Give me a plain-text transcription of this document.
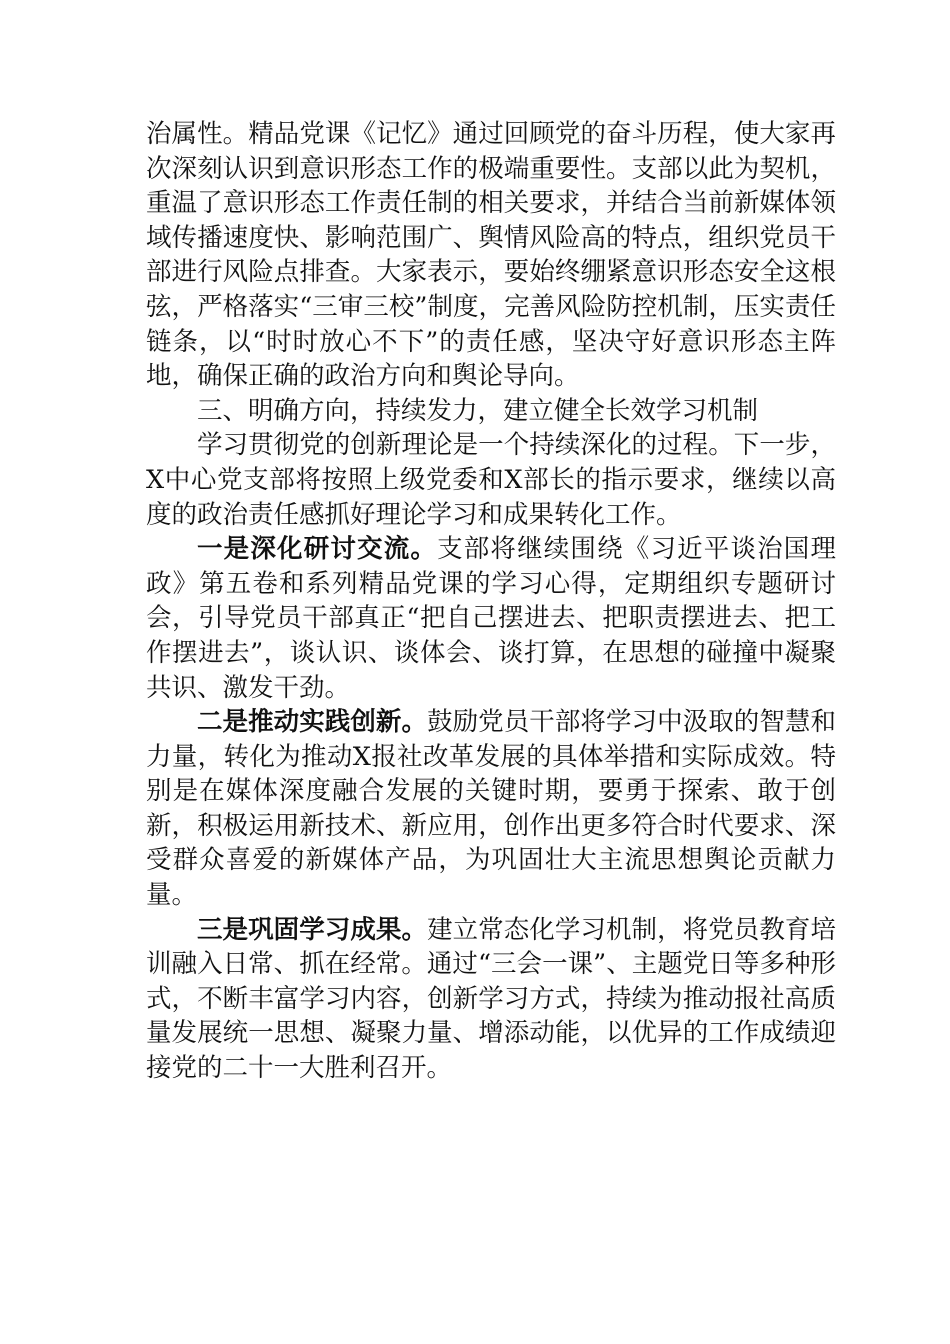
治属性。精品党课《记忆》通过回顾党的奋斗历程，使大家再次深刻认识到意识形态工作的极端重要性。支部以此为契机，重温了意识形态工作责任制的相关要求，并结合当前新媒体领域传播速度快、影响范围广、舆情风险高的特点，组织党员干部进行风险点排查。大家表示，要始终绷紧意识形态安全这根弦，严格落实“三审三校”制度，完善风险防控机制，压实责任链条，以“时时放心不下”的责任感，坚决守好意识形态主阵地，确保正确的政治方向和舆论导向。

三、明确方向，持续发力，建立健全长效学习机制

学习贯彻党的创新理论是一个持续深化的过程。下一步，X中心党支部将按照上级党委和X部长的指示要求，继续以高度的政治责任感抓好理论学习和成果转化工作。

一是深化研讨交流。支部将继续围绕《习近平谈治国理政》第五卷和系列精品党课的学习心得，定期组织专题研讨会，引导党员干部真正“把自己摆进去、把职责摆进去、把工作摆进去”，谈认识、谈体会、谈打算，在思想的碰撞中凝聚共识、激发干劲。

二是推动实践创新。鼓励党员干部将学习中汲取的智慧和力量，转化为推动X报社改革发展的具体举措和实际成效。特别是在媒体深度融合发展的关键时期，要勇于探索、敢于创新，积极运用新技术、新应用，创作出更多符合时代要求、深受群众喜爱的新媒体产品，为巩固壮大主流思想舆论贡献力量。

三是巩固学习成果。建立常态化学习机制，将党员教育培训融入日常、抓在经常。通过“三会一课”、主题党日等多种形式，不断丰富学习内容，创新学习方式，持续为推动报社高质量发展统一思想、凝聚力量、增添动能，以优异的工作成绩迎接党的二十一大胜利召开。
